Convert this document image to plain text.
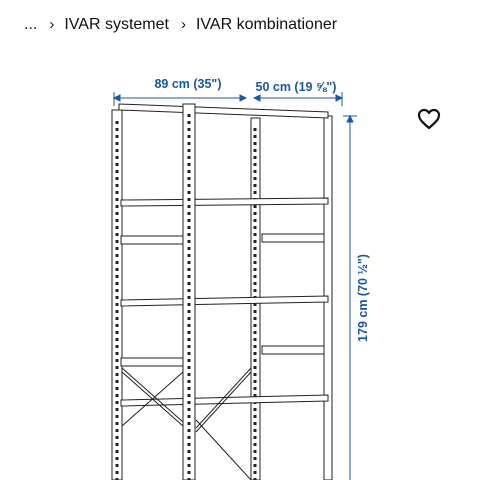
... › IVAR systemet › IVAR kombinationer
89 cm (35")	50 cm (19 ⅝")
179 cm (70 ½")
